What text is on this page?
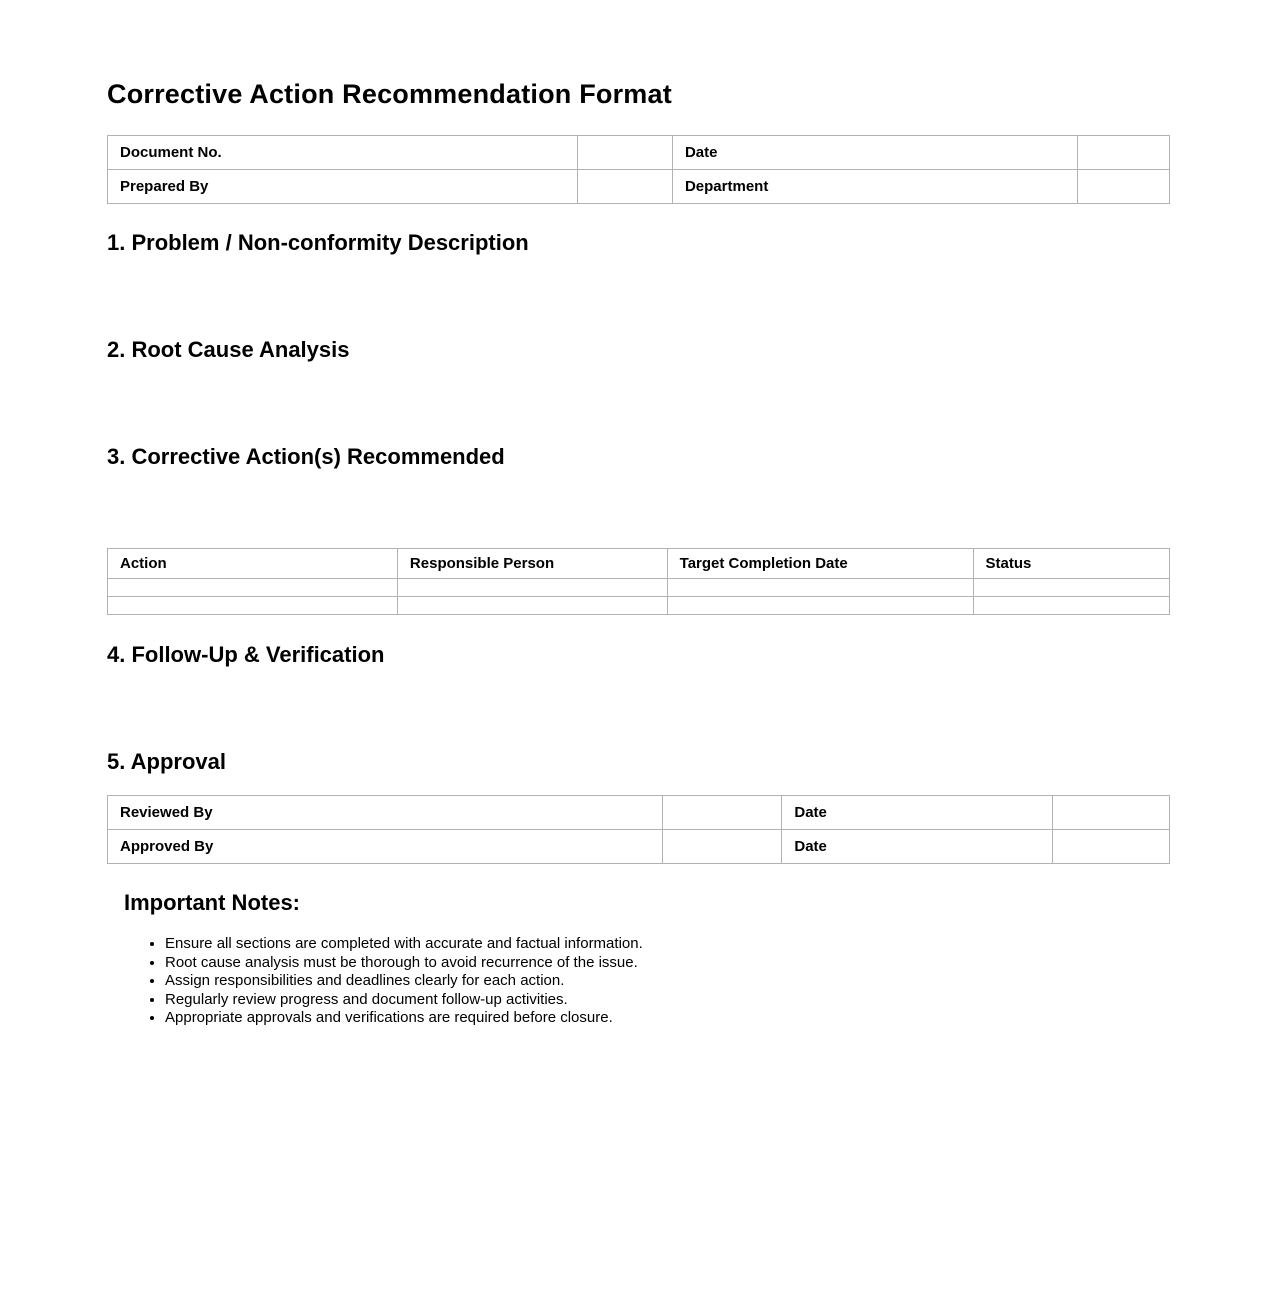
Corrective Action Recommendation Format
Document No.		Date	
Prepared By		Department	
1. Problem / Non-conformity Description
2. Root Cause Analysis
3. Corrective Action(s) Recommended
Action	Responsible Person	Target Completion Date	Status

4. Follow-Up & Verification
5. Approval
Reviewed By		Date	
Approved By		Date	
Important Notes:
• Ensure all sections are completed with accurate and factual information.
• Root cause analysis must be thorough to avoid recurrence of the issue.
• Assign responsibilities and deadlines clearly for each action.
• Regularly review progress and document follow-up activities.
• Appropriate approvals and verifications are required before closure.
